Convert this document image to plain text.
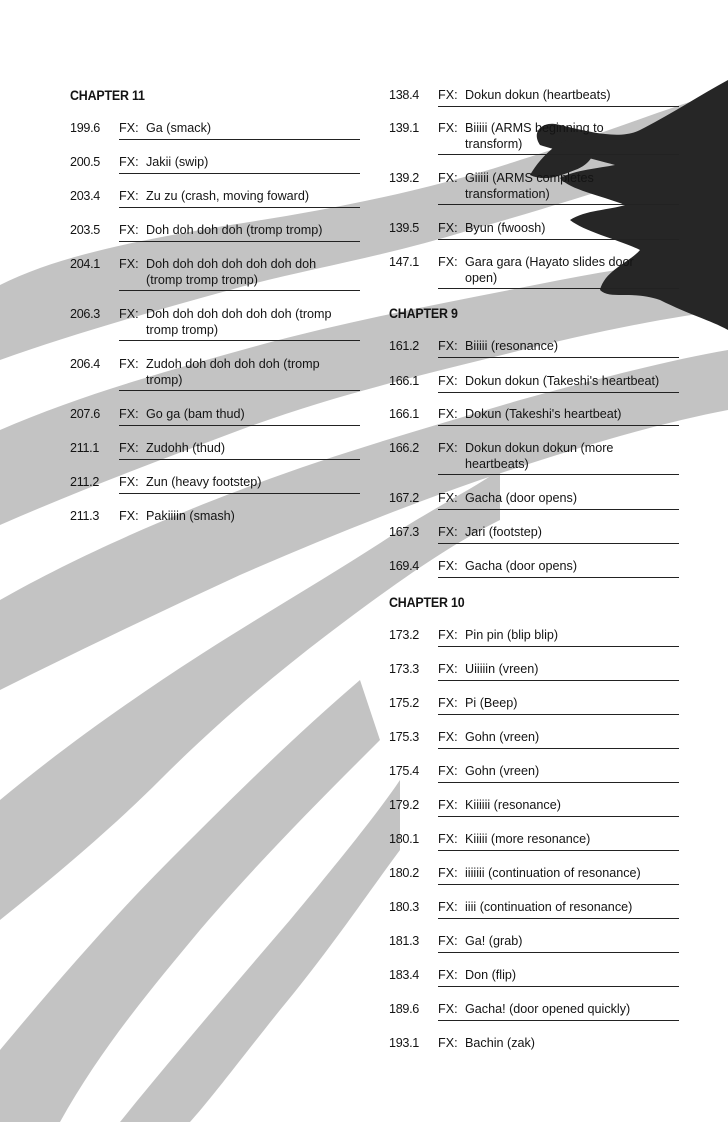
CHAPTER 11
199.6	FX: Ga (smack)
200.5	FX: Jakii (swip)
203.4	FX: Zu zu (crash, moving foward)
203.5	FX: Doh doh doh doh (tromp tromp)
204.1	FX: Doh doh doh doh doh doh doh
(tromp tromp tromp)
206.3	FX: Doh doh doh doh doh doh (tromp
tromp tromp)
206.4	FX: Zudoh doh doh doh doh (tromp
tromp)
207.6	FX: Go ga (bam thud)
211.1	FX: Zudohh (thud)
211.2	FX: Zun (heavy footstep)
211.3	FX: Pakiiiin (smash)
138.4	FX: Dokun dokun (heartbeats)
139.1	FX: Biiiii (ARMS beginning to
transform)
139.2	FX: Giiiii (ARMS completes
transformation)
139.5	FX: Byun (fwoosh)
147.1	FX: Gara gara (Hayato slides door
open)
CHAPTER 9
161.2	FX: Biiiii (resonance)
166.1	FX: Dokun dokun (Takeshi's heartbeat)
166.1	FX: Dokun (Takeshi's heartbeat)
166.2	FX: Dokun dokun dokun (more
heartbeats)
167.2	FX: Gacha (door opens)
167.3	FX: Jari (footstep)
169.4	FX: Gacha (door opens)
CHAPTER 10
173.2	FX: Pin pin (blip blip)
173.3	FX: Uiiiiin (vreen)
175.2	FX: Pi (Beep)
175.3	FX: Gohn (vreen)
175.4	FX: Gohn (vreen)
179.2	FX: Kiiiiii (resonance)
180.1	FX: Kiiiii (more resonance)
180.2	FX: iiiiiii (continuation of resonance)
180.3	FX: iiii (continuation of resonance)
181.3	FX: Ga! (grab)
183.4	FX: Don (flip)
189.6	FX: Gacha! (door opened quickly)
193.1	FX: Bachin (zak)
